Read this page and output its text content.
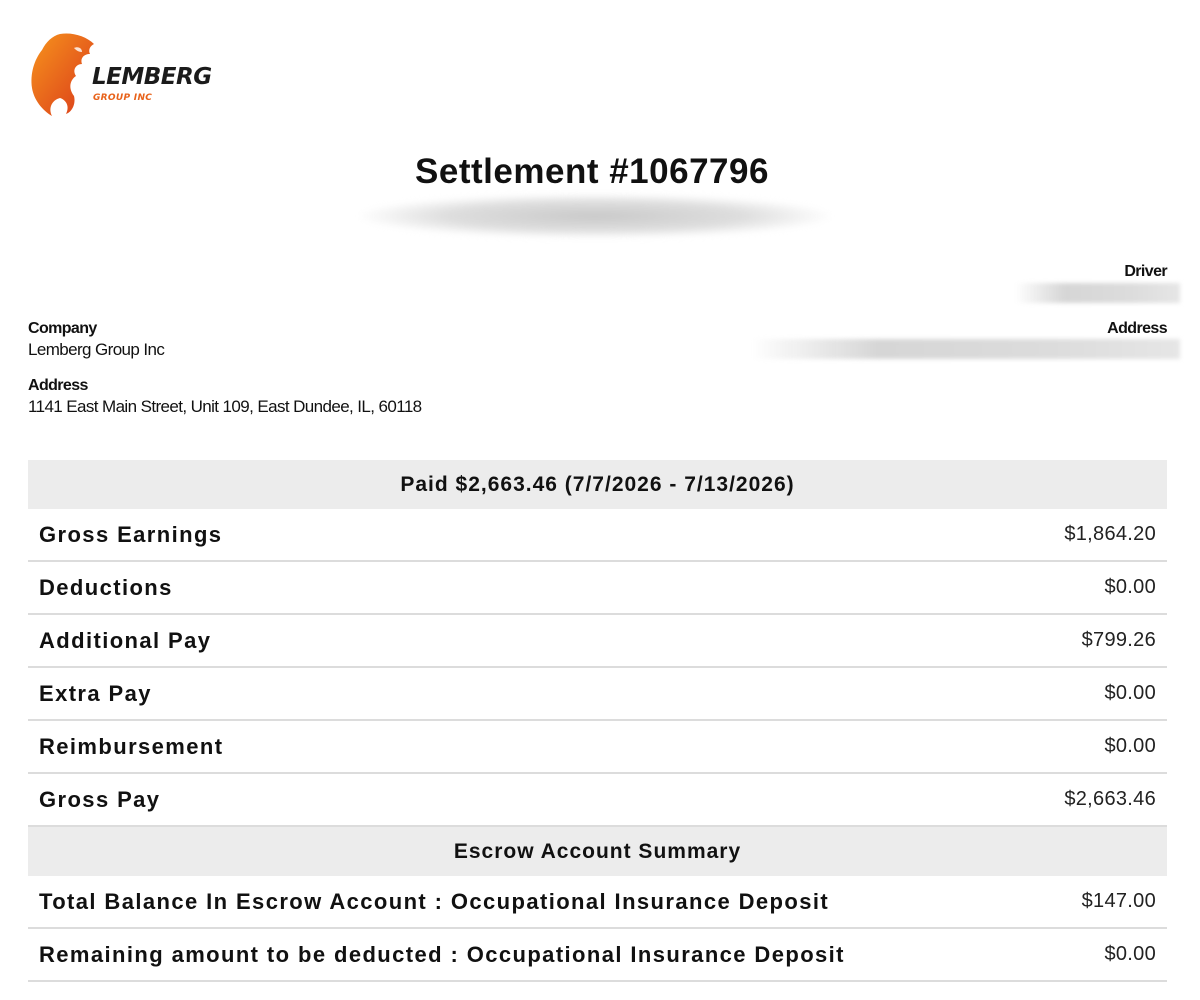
LEMBERG
GROUP INC
Settlement #1067796
Driver
Address
Company
Lemberg Group Inc
Address
1141 East Main Street, Unit 109, East Dundee, IL, 60118
Paid $2,663.46 (7/7/2026 - 7/13/2026)
Gross Earnings	$1,864.20
Deductions	$0.00
Additional Pay	$799.26
Extra Pay	$0.00
Reimbursement	$0.00
Gross Pay	$2,663.46
Escrow Account Summary
Total Balance In Escrow Account : Occupational Insurance Deposit	$147.00
Remaining amount to be deducted : Occupational Insurance Deposit	$0.00
